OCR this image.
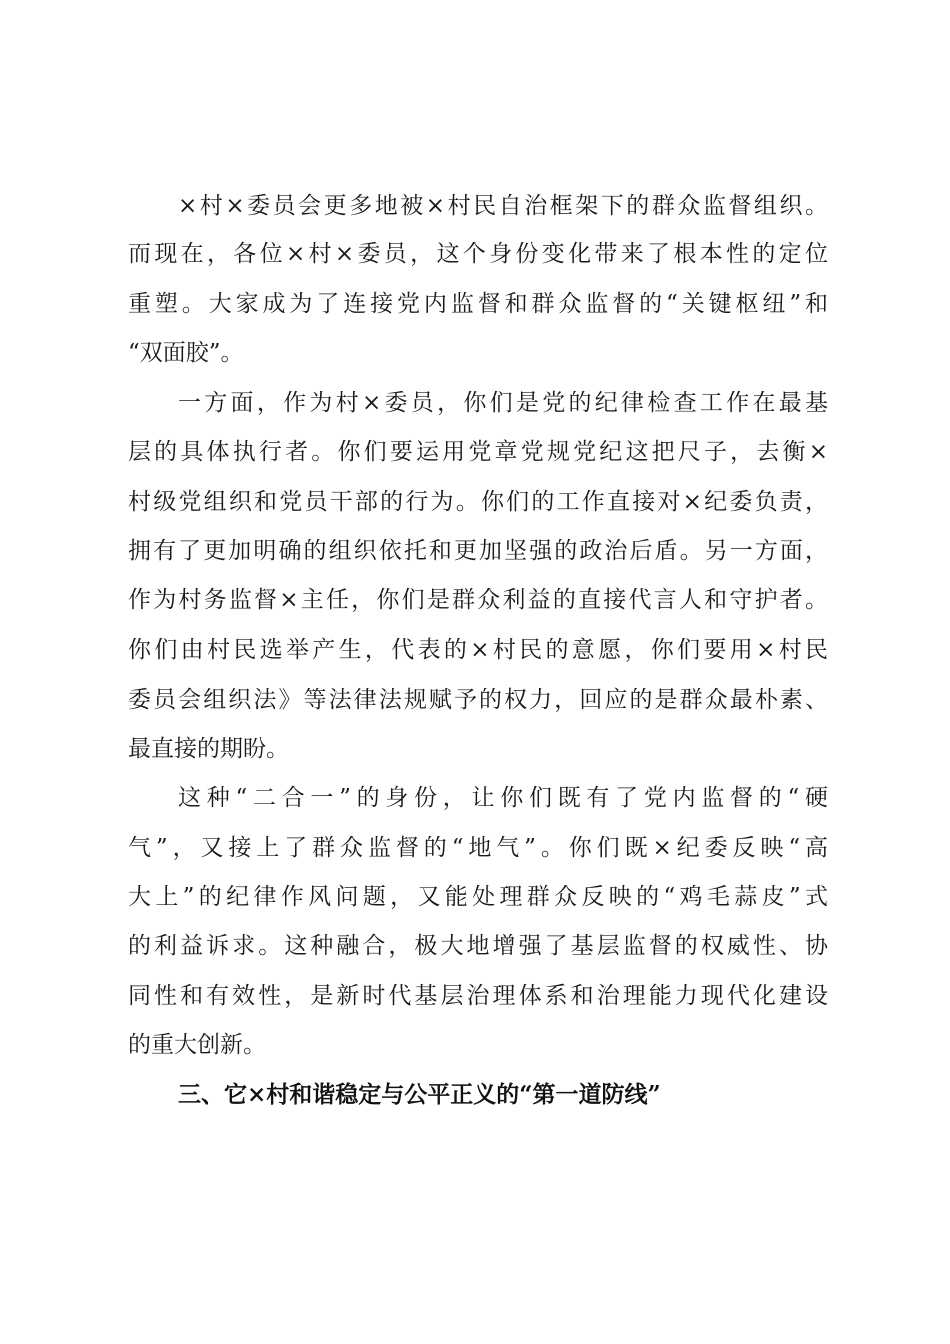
×村×委员会更多地被×村民自治框架下的群众监督组织。
而现在，各位×村×委员，这个身份变化带来了根本性的定位
重塑。大家成为了连接党内监督和群众监督的“关键枢纽”和
“双面胶”。
一方面，作为村×委员，你们是党的纪律检查工作在最基
层的具体执行者。你们要运用党章党规党纪这把尺子，去衡×
村级党组织和党员干部的行为。你们的工作直接对×纪委负责，
拥有了更加明确的组织依托和更加坚强的政治后盾。另一方面，
作为村务监督×主任，你们是群众利益的直接代言人和守护者。
你们由村民选举产生，代表的×村民的意愿，你们要用×村民
委员会组织法》等法律法规赋予的权力，回应的是群众最朴素、
最直接的期盼。
这种“二合一”的身份，让你们既有了党内监督的“硬
气”，又接上了群众监督的“地气”。你们既×纪委反映“高
大上”的纪律作风问题，又能处理群众反映的“鸡毛蒜皮”式
的利益诉求。这种融合，极大地增强了基层监督的权威性、协
同性和有效性，是新时代基层治理体系和治理能力现代化建设
的重大创新。
三、它×村和谐稳定与公平正义的“第一道防线”
